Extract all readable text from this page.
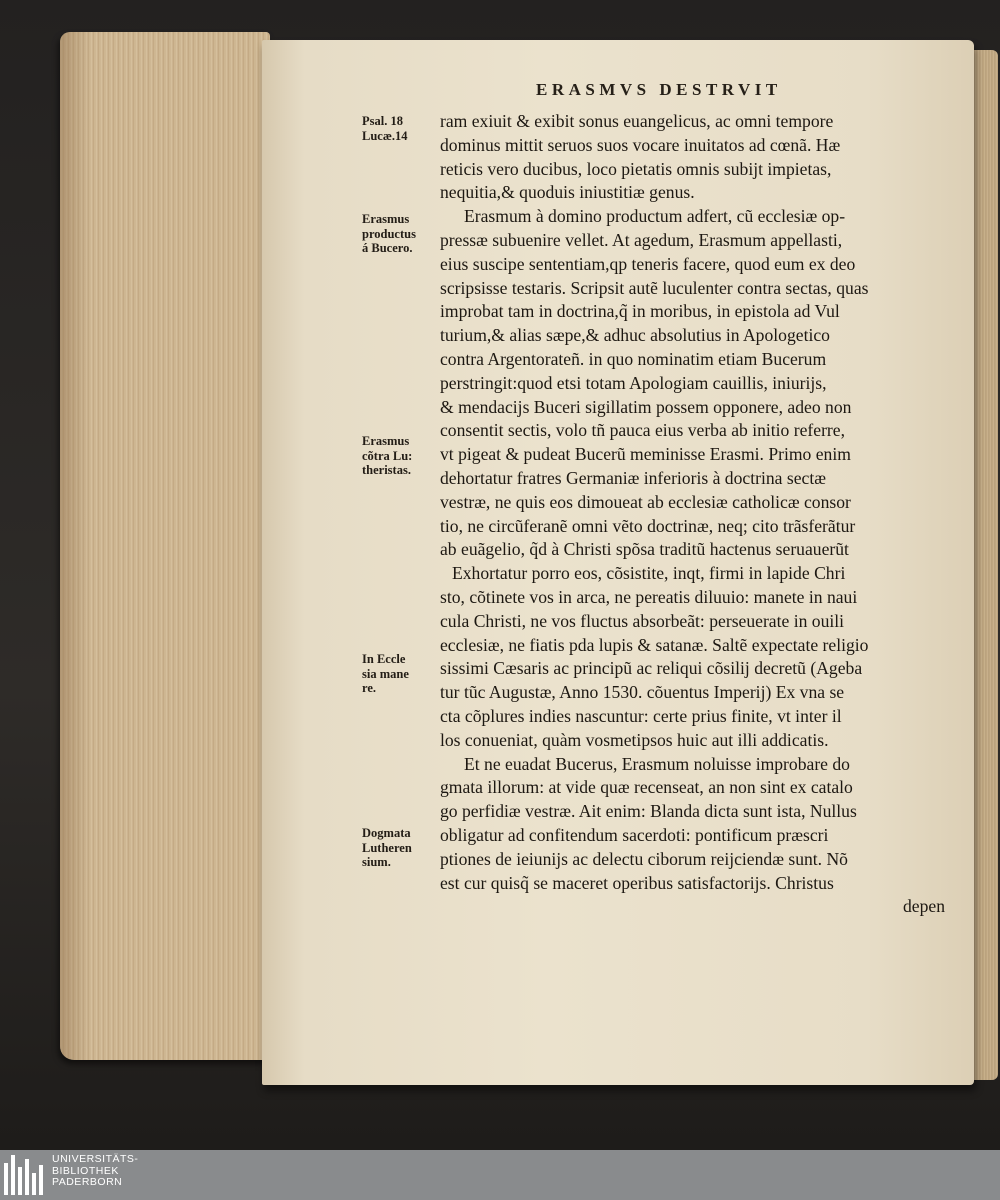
ERASMVS DESTRVIT
Psal. 18
Lucæ.14
Erasmus
productus
á Bucero.
Erasmus
cõtra Lu:
theristas.
In Eccle
sia mane
re.
Dogmata
Lutheren
sium.
ram exiuit & exibit sonus euangelicus, ac omni tempore
dominus mittit seruos suos vocare inuitatos ad cœnã. Hæ
reticis vero ducibus, loco pietatis omnis subijt impietas,
nequitia,& quoduis iniustitiæ genus.
Erasmum à domino productum adfert, cũ ecclesiæ op-
pressæ subuenire vellet. At agedum, Erasmum appellasti,
eius suscipe sententiam,qp teneris facere, quod eum ex deo
scripsisse testaris. Scripsit autẽ luculenter contra sectas, quas
improbat tam in doctrina,q̃ in moribus, in epistola ad Vul
turium,& alias sæpe,& adhuc absolutius in Apologetico
contra Argentorateñ. in quo nominatim etiam Bucerum
perstringit:quod etsi totam Apologiam cauillis, iniurijs,
& mendacijs Buceri sigillatim possem opponere, adeo non
consentit sectis, volo tñ pauca eius verba ab initio referre,
vt pigeat & pudeat Bucerũ meminisse Erasmi. Primo enim
dehortatur fratres Germaniæ inferioris à doctrina sectæ
vestræ, ne quis eos dimoueat ab ecclesiæ catholicæ consor
tio, ne circũferanẽ omni vẽto doctrinæ, neq; cito trãsferãtur
ab euãgelio, q̃d à Christi spõsa traditũ hactenus seruauerũt
Exhortatur porro eos, cõsistite, inqt, firmi in lapide Chri
sto, cõtinete vos in arca, ne pereatis diluuio: manete in naui
cula Christi, ne vos fluctus absorbeãt: perseuerate in ouili
ecclesiæ, ne fiatis pda lupis & satanæ. Saltẽ expectate religio
sissimi Cæsaris ac principũ ac reliqui cõsilij decretũ (Ageba
tur tũc Augustæ, Anno 1530. cõuentus Imperij) Ex vna se
cta cõplures indies nascuntur: certe prius finite, vt inter il
los conueniat, quàm vosmetipsos huic aut illi addicatis.
Et ne euadat Bucerus, Erasmum noluisse improbare do
gmata illorum: at vide quæ recenseat, an non sint ex catalo
go perfidiæ vestræ. Ait enim: Blanda dicta sunt ista, Nullus
obligatur ad confitendum sacerdoti: pontificum præscri
ptiones de ieiunijs ac delectu ciborum reijciendæ sunt. Nõ
est cur quisq̃ se maceret operibus satisfactorijs. Christus
depen
UNIVERSITÄTS-
BIBLIOTHEK
PADERBORN
